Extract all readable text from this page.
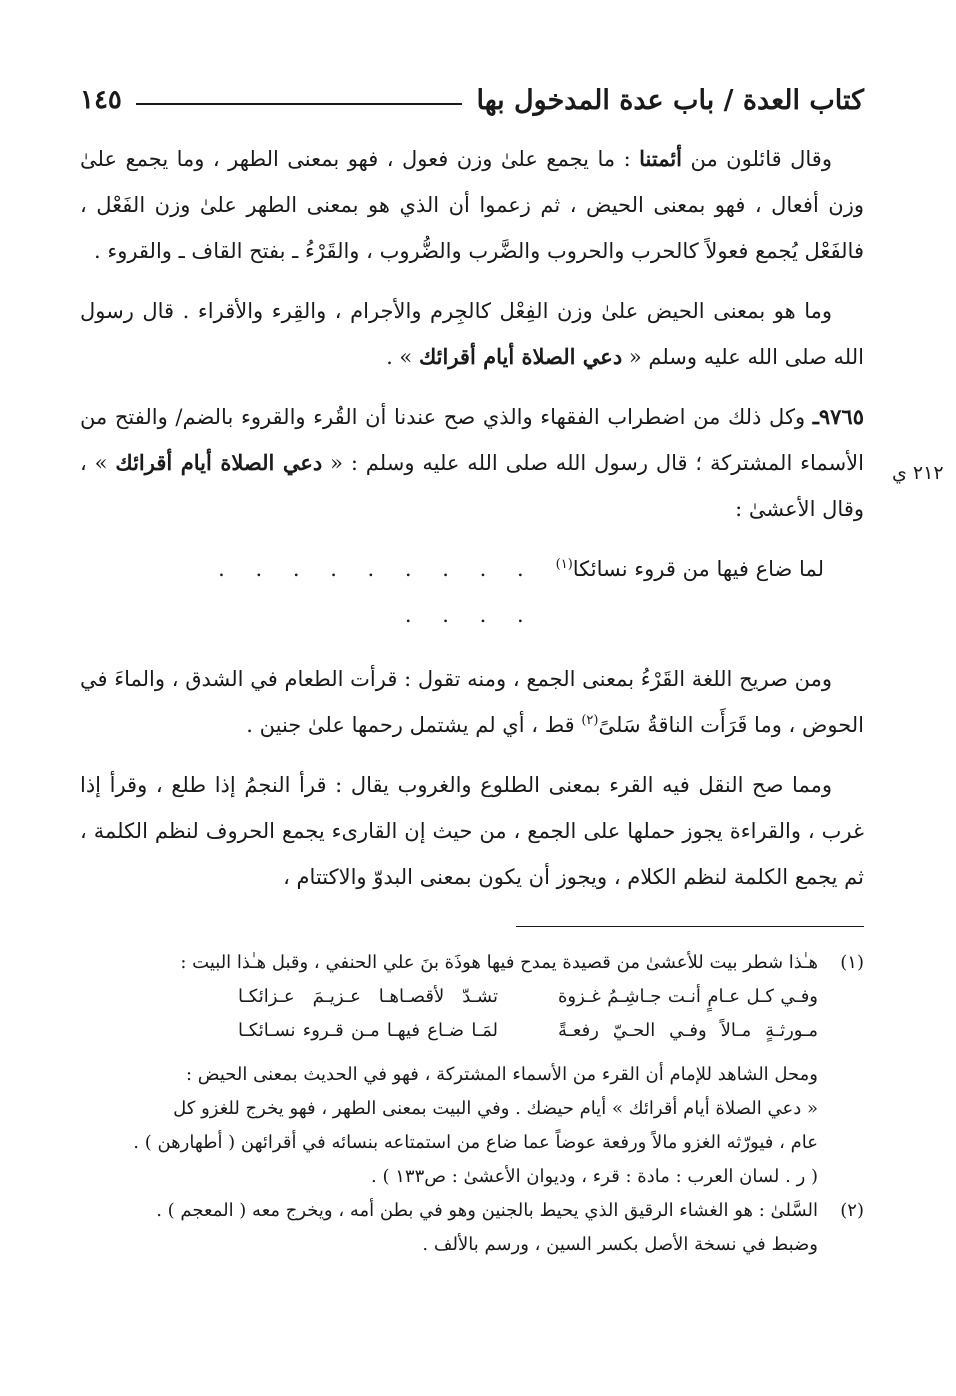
كتاب العدة / باب عدة المدخول بها
١٤٥
٢١٢ ي

وقال قائلون من أئمتنا : ما يجمع علىٰ وزن فعول ، فهو بمعنى الطهر ، وما يجمع علىٰ وزن أفعال ، فهو بمعنى الحيض ، ثم زعموا أن الذي هو بمعنى الطهر علىٰ وزن الفَعْل ، فالفَعْل يُجمع فعولاً كالحرب والحروب والضَّرب والضُّروب ، والقَرْءُ ـ بفتح القاف ـ والقروء .

وما هو بمعنى الحيض علىٰ وزن الفِعْل كالجِرم والأجرام ، والقِرء والأقراء . قال رسول الله صلى الله عليه وسلم « دعي الصلاة أيام أقرائك » .

٩٧٦٥ـ وكل ذلك من اضطراب الفقهاء والذي صح عندنا أن القُرء والقروء بالضم/ والفتح من الأسماء المشتركة ؛ قال رسول الله صلى الله عليه وسلم : « دعي الصلاة أيام أقرائك » ، وقال الأعشىٰ :

لما ضاع فيها من قروء نسائكا$^{(١)}$
. . . . . . . . . . . . .

ومن صريح اللغة القَرْءُ بمعنى الجمع ، ومنه تقول : قرأت الطعام في الشدق ، والماءَ في الحوض ، وما قَرَأَت الناقةُ سَلىً$^{(٢)}$ قط ، أي لم يشتمل رحمها علىٰ جنين .

ومما صح النقل فيه القرء بمعنى الطلوع والغروب يقال : قرأ النجمُ إذا طلع ، وقرأ إذا غرب ، والقراءة يجوز حملها على الجمع ، من حيث إن القارىء يجمع الحروف لنظم الكلمة ، ثم يجمع الكلمة لنظم الكلام ، ويجوز أن يكون بمعنى البدوّ والاكتتام ،

(١)
هـٰذا شطر بيت للأعشىٰ من قصيدة يمدح فيها هوذَة بنَ علي الحنفي ، وقبل هـٰذا البيت :
وفـي كـل عـامٍ أنـت جـاشِـمُ غـزوة
تشـدّ لأقصـاهـا عـزيـمَ عـزائكـا
مـورثـةٍ مـالاً وفـي الحـيّ رفعـةً
لمَـا ضـاع فيهـا مـن قـروء نسـائكـا
ومحل الشاهد للإمام أن القرء من الأسماء المشتركة ، فهو في الحديث بمعنى الحيض :
« دعي الصلاة أيام أقرائك » أيام حيضك . وفي البيت بمعنى الطهر ، فهو يخرج للغزو كل
عام ، فيورّثه الغزو مالاً ورفعة عوضاً عما ضاع من استمتاعه بنسائه في أقرائهن ( أطهارهن ) .
( ر . لسان العرب : مادة : قرء ، وديوان الأعشىٰ : ص١٣٣ ) .
(٢)
السَّلىٰ : هو الغشاء الرقيق الذي يحيط بالجنين وهو في بطن أمه ، ويخرج معه ( المعجم ) .
وضبط في نسخة الأصل بكسر السين ، ورسم بالألف .
